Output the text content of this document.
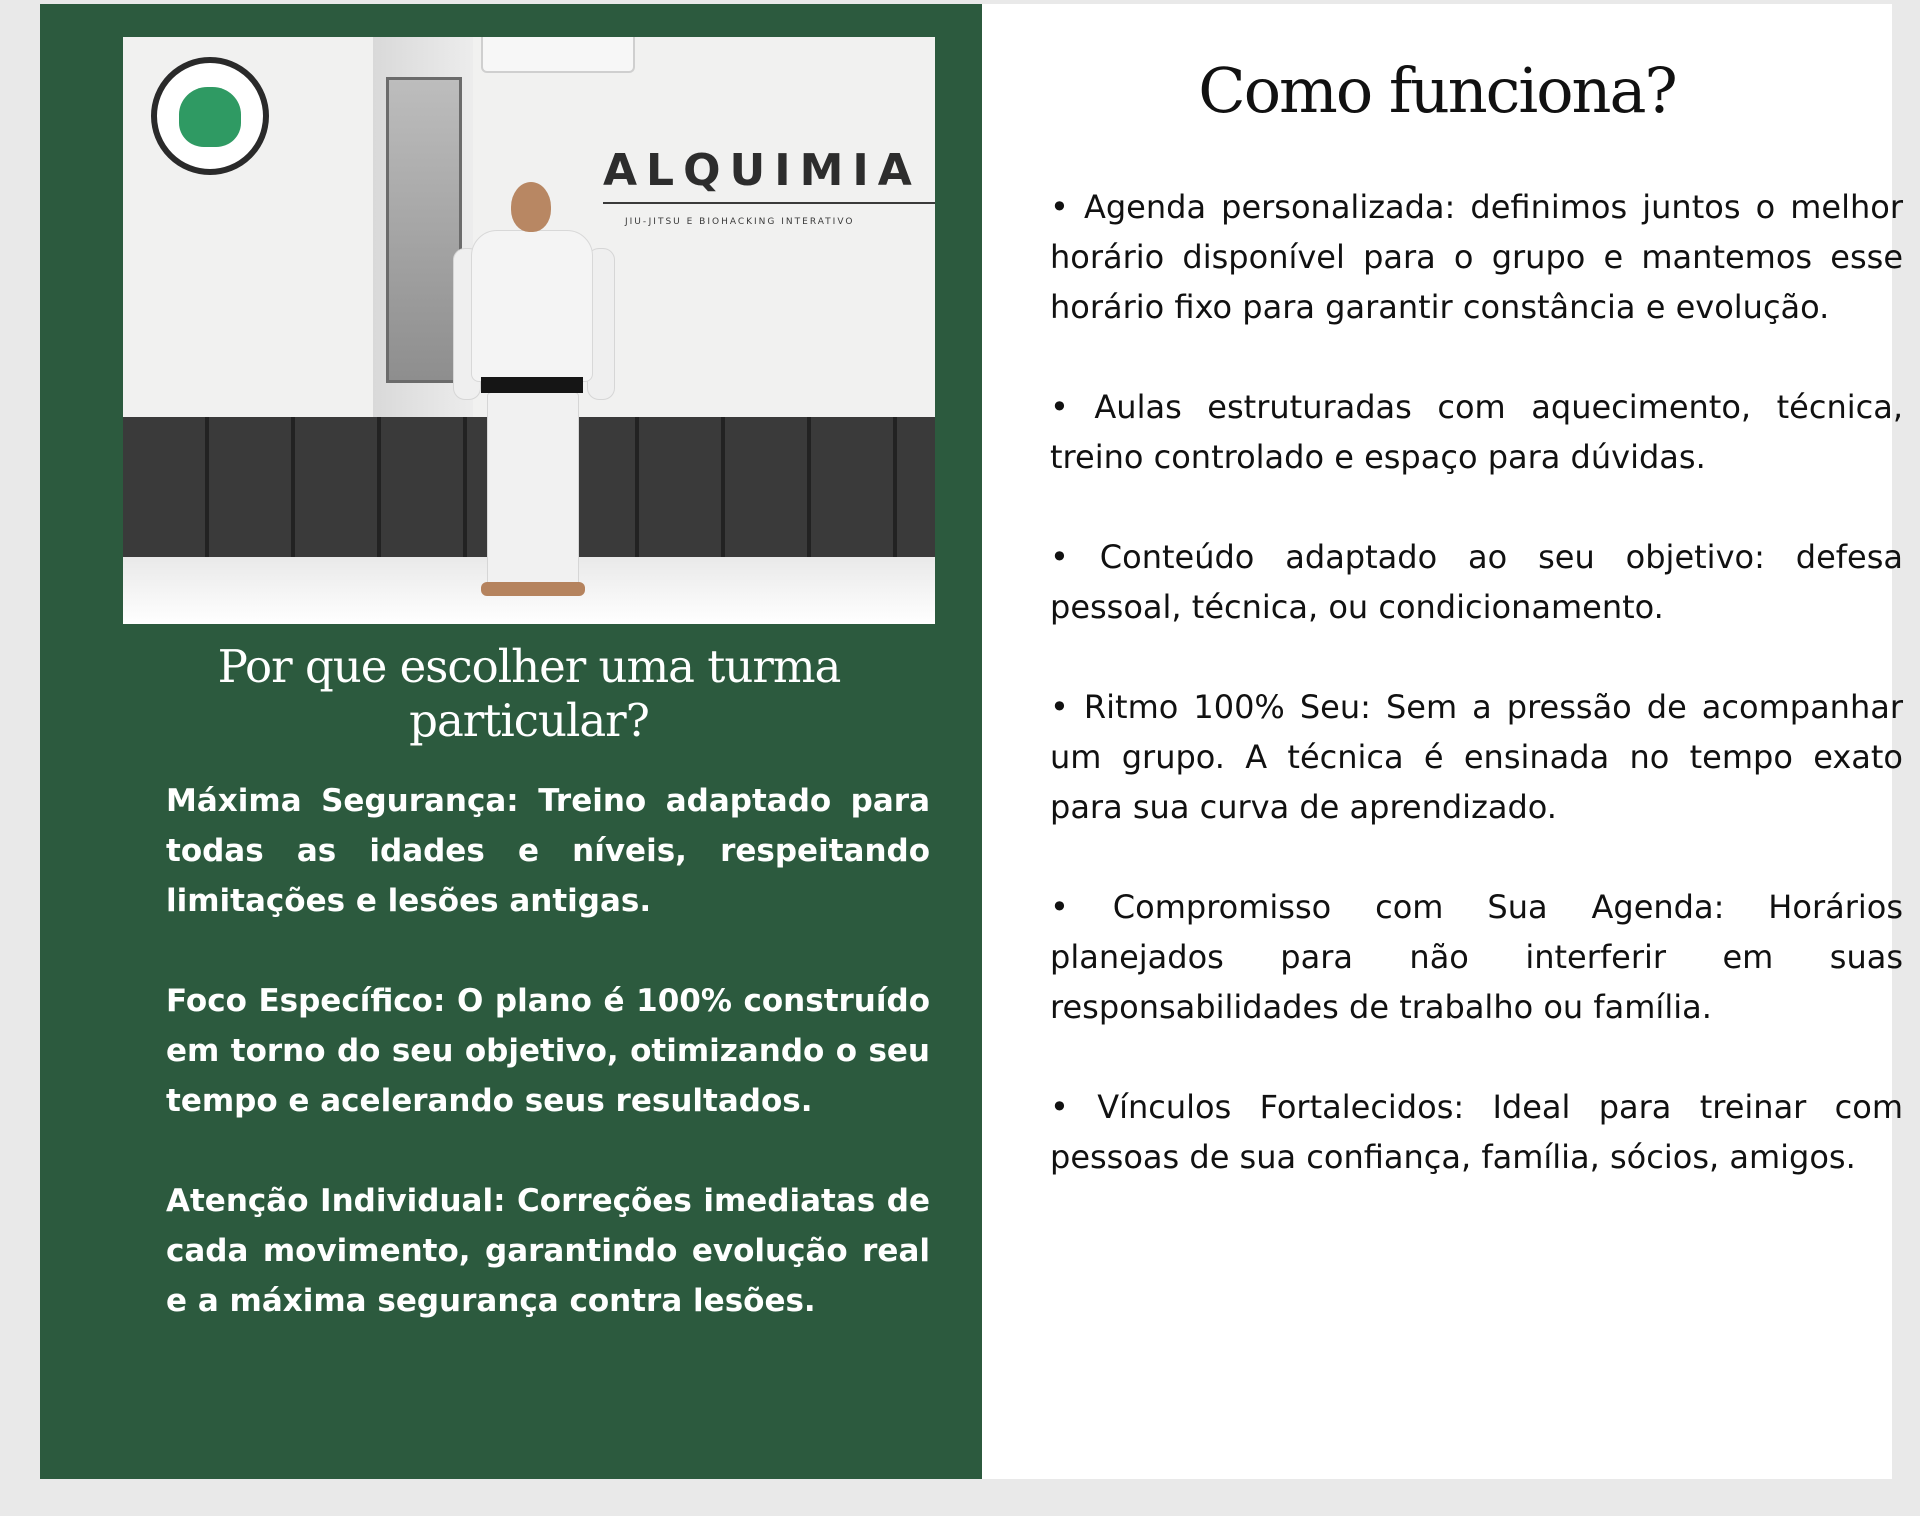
ALQUIMIA
JIU-JITSU E BIOHACKING INTERATIVO
Por que escolher uma turma particular?

Máxima Segurança: Treino adaptado para todas as idades e níveis, respeitando limitações e lesões antigas.

Foco Específico: O plano é 100% construído em torno do seu objetivo, otimizando o seu tempo e acelerando seus resultados.

Atenção Individual: Correções imediatas de cada movimento, garantindo evolução real e a máxima segurança contra lesões.

Como funciona?

• Agenda personalizada: definimos juntos o melhor horário disponível para o grupo e mantemos esse horário fixo para garantir constância e evolução.

• Aulas estruturadas com aquecimento, técnica, treino controlado e espaço para dúvidas.

• Conteúdo adaptado ao seu objetivo: defesa pessoal, técnica, ou condicionamento.

• Ritmo 100% Seu: Sem a pressão de acompanhar um grupo. A técnica é ensinada no tempo exato para sua curva de aprendizado.

• Compromisso com Sua Agenda: Horários planejados para não interferir em suas responsabilidades de trabalho ou família.

• Vínculos Fortalecidos: Ideal para treinar com pessoas de sua confiança, família, sócios, amigos.
